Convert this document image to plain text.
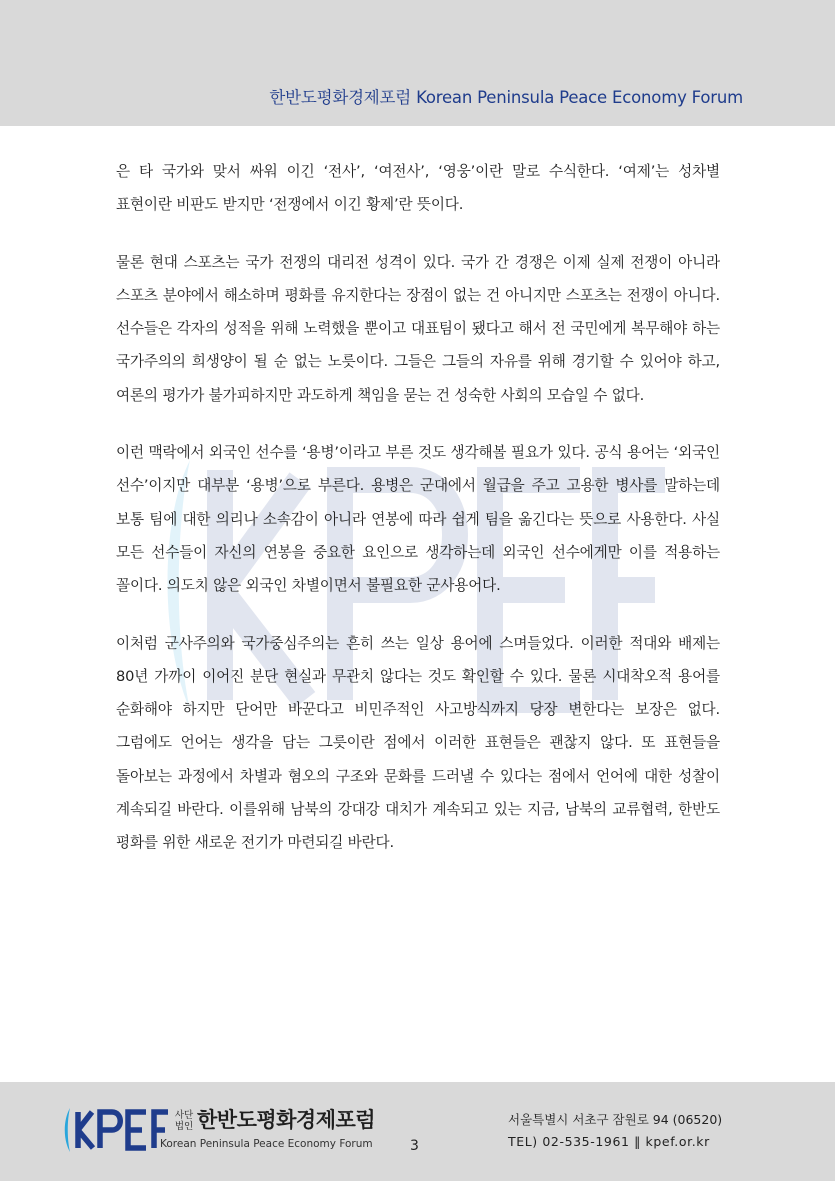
한반도평화경제포럼 Korean Peninsula Peace Economy Forum

은 타 국가와 맞서 싸워 이긴 ‘전사’, ‘여전사’, ‘영웅’이란 말로 수식한다. ‘여제’는 성차별 표현이란 비판도 받지만 ‘전쟁에서 이긴 황제’란 뜻이다.

물론 현대 스포츠는 국가 전쟁의 대리전 성격이 있다. 국가 간 경쟁은 이제 실제 전쟁이 아니라 스포츠 분야에서 해소하며 평화를 유지한다는 장점이 없는 건 아니지만 스포츠는 전쟁이 아니다. 선수들은 각자의 성적을 위해 노력했을 뿐이고 대표팀이 됐다고 해서 전 국민에게 복무해야 하는 국가주의의 희생양이 될 순 없는 노릇이다. 그들은 그들의 자유를 위해 경기할 수 있어야 하고, 여론의 평가가 불가피하지만 과도하게 책임을 묻는 건 성숙한 사회의 모습일 수 없다.

이런 맥락에서 외국인 선수를 ‘용병’이라고 부른 것도 생각해볼 필요가 있다. 공식 용어는 ‘외국인 선수’이지만 대부분 ‘용병’으로 부른다. 용병은 군대에서 월급을 주고 고용한 병사를 말하는데 보통 팀에 대한 의리나 소속감이 아니라 연봉에 따라 쉽게 팀을 옮긴다는 뜻으로 사용한다. 사실 모든 선수들이 자신의 연봉을 중요한 요인으로 생각하는데 외국인 선수에게만 이를 적용하는 꼴이다. 의도치 않은 외국인 차별이면서 불필요한 군사용어다.

이처럼 군사주의와 국가중심주의는 흔히 쓰는 일상 용어에 스며들었다. 이러한 적대와 배제는 80년 가까이 이어진 분단 현실과 무관치 않다는 것도 확인할 수 있다. 물론 시대착오적 용어를 순화해야 하지만 단어만 바꾼다고 비민주적인 사고방식까지 당장 변한다는 보장은 없다. 그럼에도 언어는 생각을 담는 그릇이란 점에서 이러한 표현들은 괜찮지 않다. 또 표현들을 돌아보는 과정에서 차별과 혐오의 구조와 문화를 드러낼 수 있다는 점에서 언어에 대한 성찰이 계속되길 바란다. 이를위해 남북의 강대강 대치가 계속되고 있는 지금, 남북의 교류협력, 한반도 평화를 위한 새로운 전기가 마련되길 바란다.

사단법인 한반도평화경제포럼
Korean Peninsula Peace Economy Forum	3
서울특별시 서초구 잠원로 94 (06520)
TEL) 02-535-1961 ‖ kpef.or.kr
